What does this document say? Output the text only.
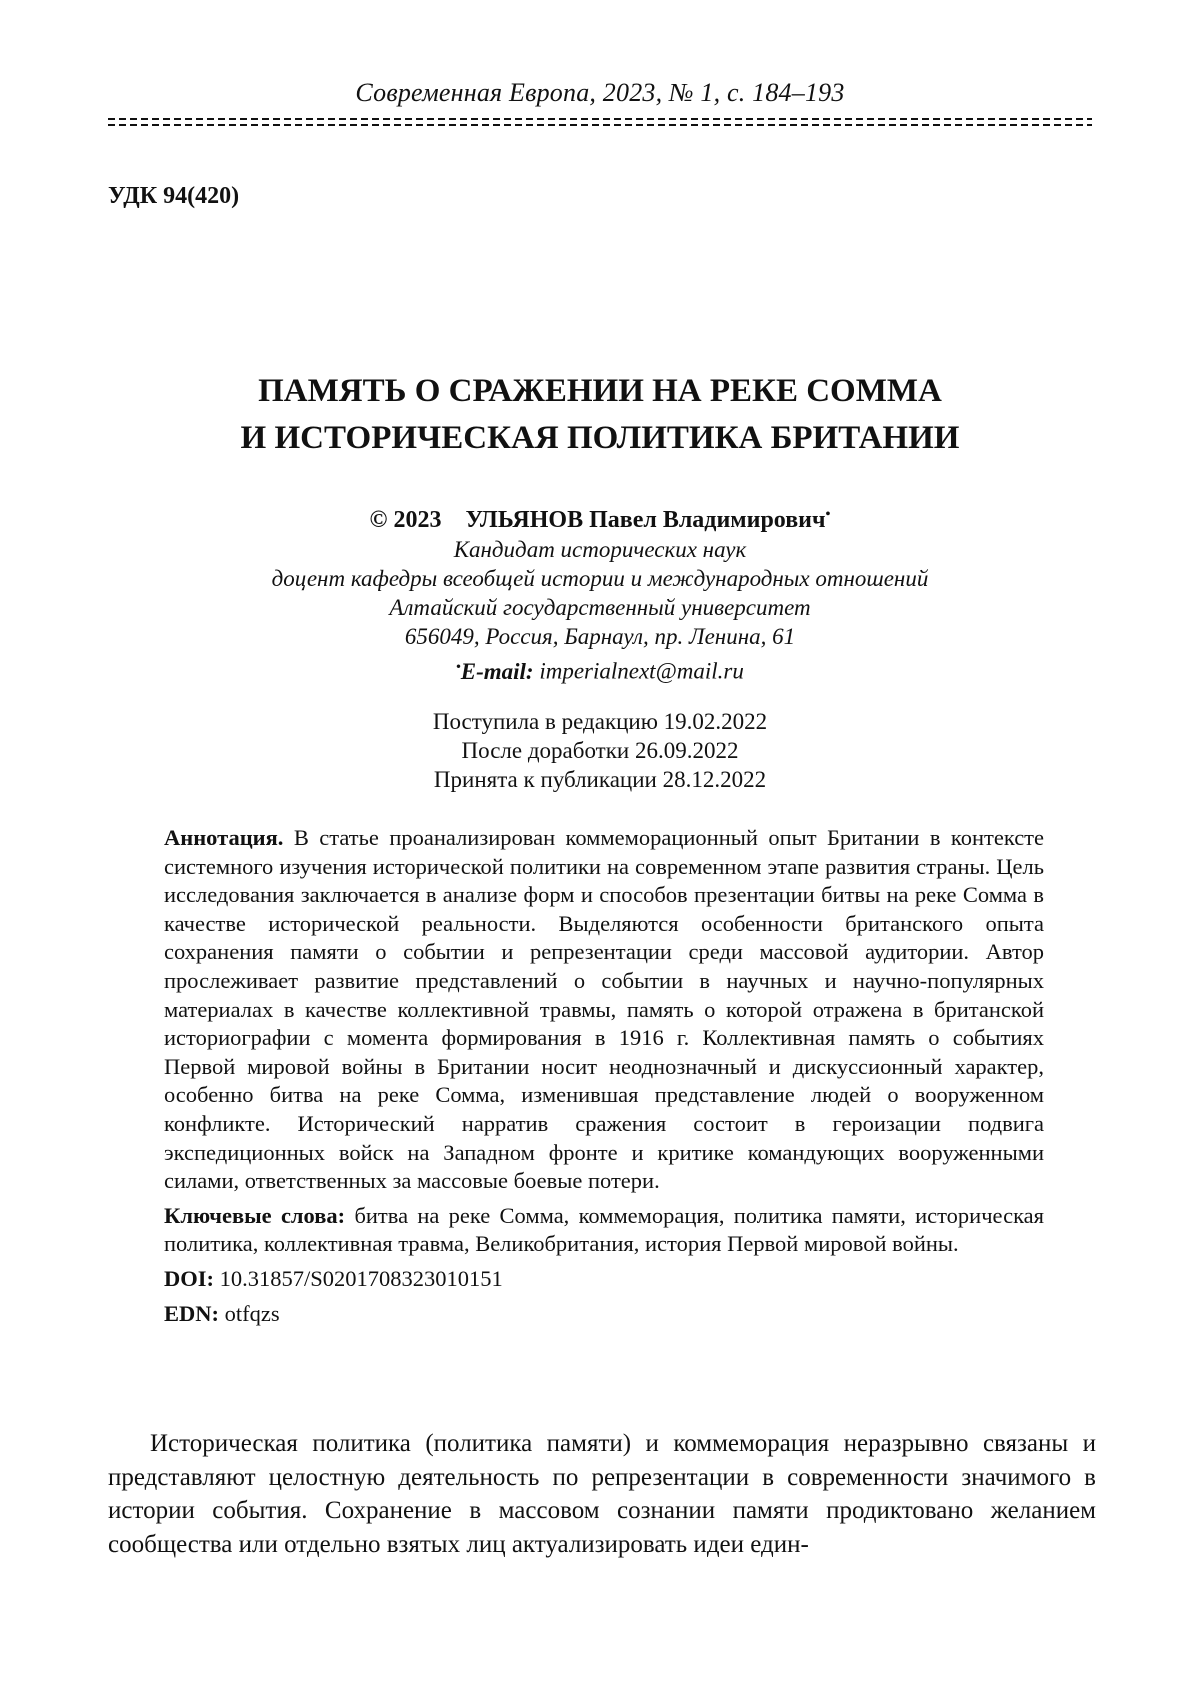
Современная Европа, 2023, № 1, с. 184–193
УДК 94(420)
ПАМЯТЬ О СРАЖЕНИИ НА РЕКЕ СОММА
И ИСТОРИЧЕСКАЯ ПОЛИТИКА БРИТАНИИ
© 2023 УЛЬЯНОВ Павел Владимирович•
Кандидат исторических наук
доцент кафедры всеобщей истории и международных отношений
Алтайский государственный университет
656049, Россия, Барнаул, пр. Ленина, 61
•E-mail: imperialnext@mail.ru
Поступила в редакцию 19.02.2022
После доработки 26.09.2022
Принята к публикации 28.12.2022

Аннотация. В статье проанализирован коммеморационный опыт Британии в контексте системного изучения исторической политики на современном этапе развития страны. Цель исследования заключается в анализе форм и способов презентации битвы на реке Сомма в качестве исторической реальности. Выделяются особенности британского опыта сохранения памяти о событии и репрезентации среди массовой аудитории. Автор прослеживает развитие представлений о событии в научных и научно-популярных материалах в качестве коллективной травмы, память о которой отражена в британской историографии с момента формирования в 1916 г. Коллективная память о событиях Первой мировой войны в Британии носит неоднозначный и дискуссионный характер, особенно битва на реке Сомма, изменившая представление людей о вооруженном конфликте. Исторический нарратив сражения состоит в героизации подвига экспедиционных войск на Западном фронте и критике командующих вооруженными силами, ответственных за массовые боевые потери.

Ключевые слова: битва на реке Сомма, коммеморация, политика памяти, историческая политика, коллективная травма, Великобритания, история Первой мировой войны.

DOI: 10.31857/S0201708323010151

EDN: otfqzs

Историческая политика (политика памяти) и коммеморация неразрывно связаны и представляют целостную деятельность по репрезентации в современности значимого в истории события. Сохранение в массовом сознании памяти продиктовано желанием сообщества или отдельно взятых лиц актуализировать идеи един-
